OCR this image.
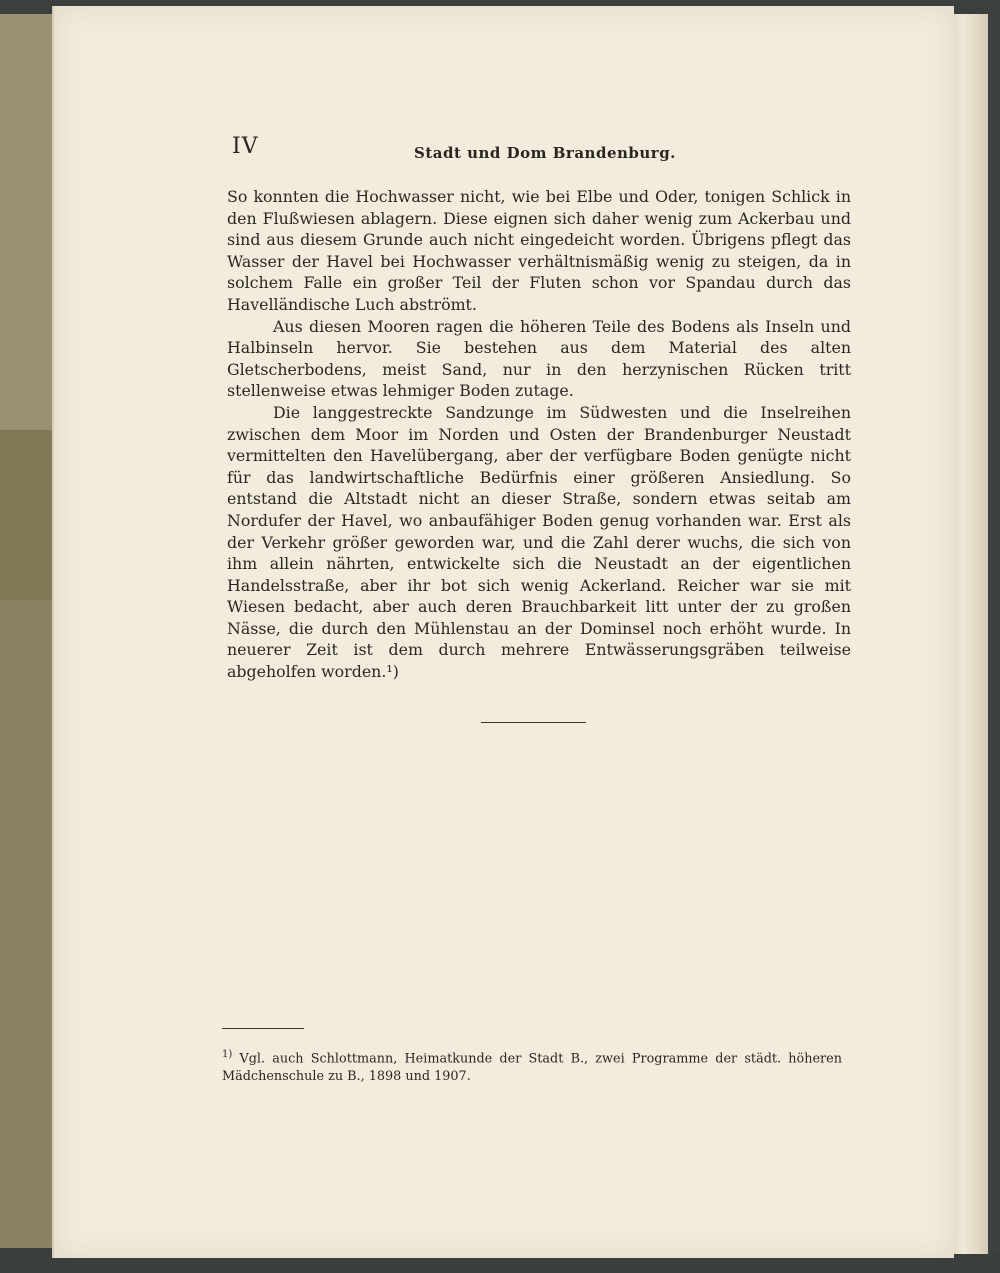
IV	Stadt und Dom Brandenburg.

So konnten die Hochwasser nicht, wie bei Elbe und Oder, tonigen Schlick in den Flußwiesen ablagern. Diese eignen sich daher wenig zum Ackerbau und sind aus diesem Grunde auch nicht eingedeicht worden. Übrigens pflegt das Wasser der Havel bei Hochwasser verhältnismäßig wenig zu steigen, da in solchem Falle ein großer Teil der Fluten schon vor Spandau durch das Havelländische Luch abströmt.

Aus diesen Mooren ragen die höheren Teile des Bodens als Inseln und Halbinseln hervor. Sie bestehen aus dem Material des alten Gletscherbodens, meist Sand, nur in den herzynischen Rücken tritt stellenweise etwas lehmiger Boden zutage.

Die langgestreckte Sandzunge im Südwesten und die Inselreihen zwischen dem Moor im Norden und Osten der Brandenburger Neustadt vermittelten den Havelübergang, aber der verfügbare Boden genügte nicht für das landwirtschaftliche Bedürfnis einer größeren Ansiedlung. So entstand die Altstadt nicht an dieser Straße, sondern etwas seitab am Nordufer der Havel, wo anbaufähiger Boden genug vorhanden war. Erst als der Verkehr größer geworden war, und die Zahl derer wuchs, die sich von ihm allein nährten, entwickelte sich die Neustadt an der eigentlichen Handelsstraße, aber ihr bot sich wenig Ackerland. Reicher war sie mit Wiesen bedacht, aber auch deren Brauchbarkeit litt unter der zu großen Nässe, die durch den Mühlenstau an der Dominsel noch erhöht wurde. In neuerer Zeit ist dem durch mehrere Entwässerungsgräben teilweise abgeholfen worden.¹)

$^{1)}$ Vgl. auch Schlottmann, Heimatkunde der Stadt B., zwei Programme der städt. höheren Mädchenschule zu B., 1898 und 1907.
